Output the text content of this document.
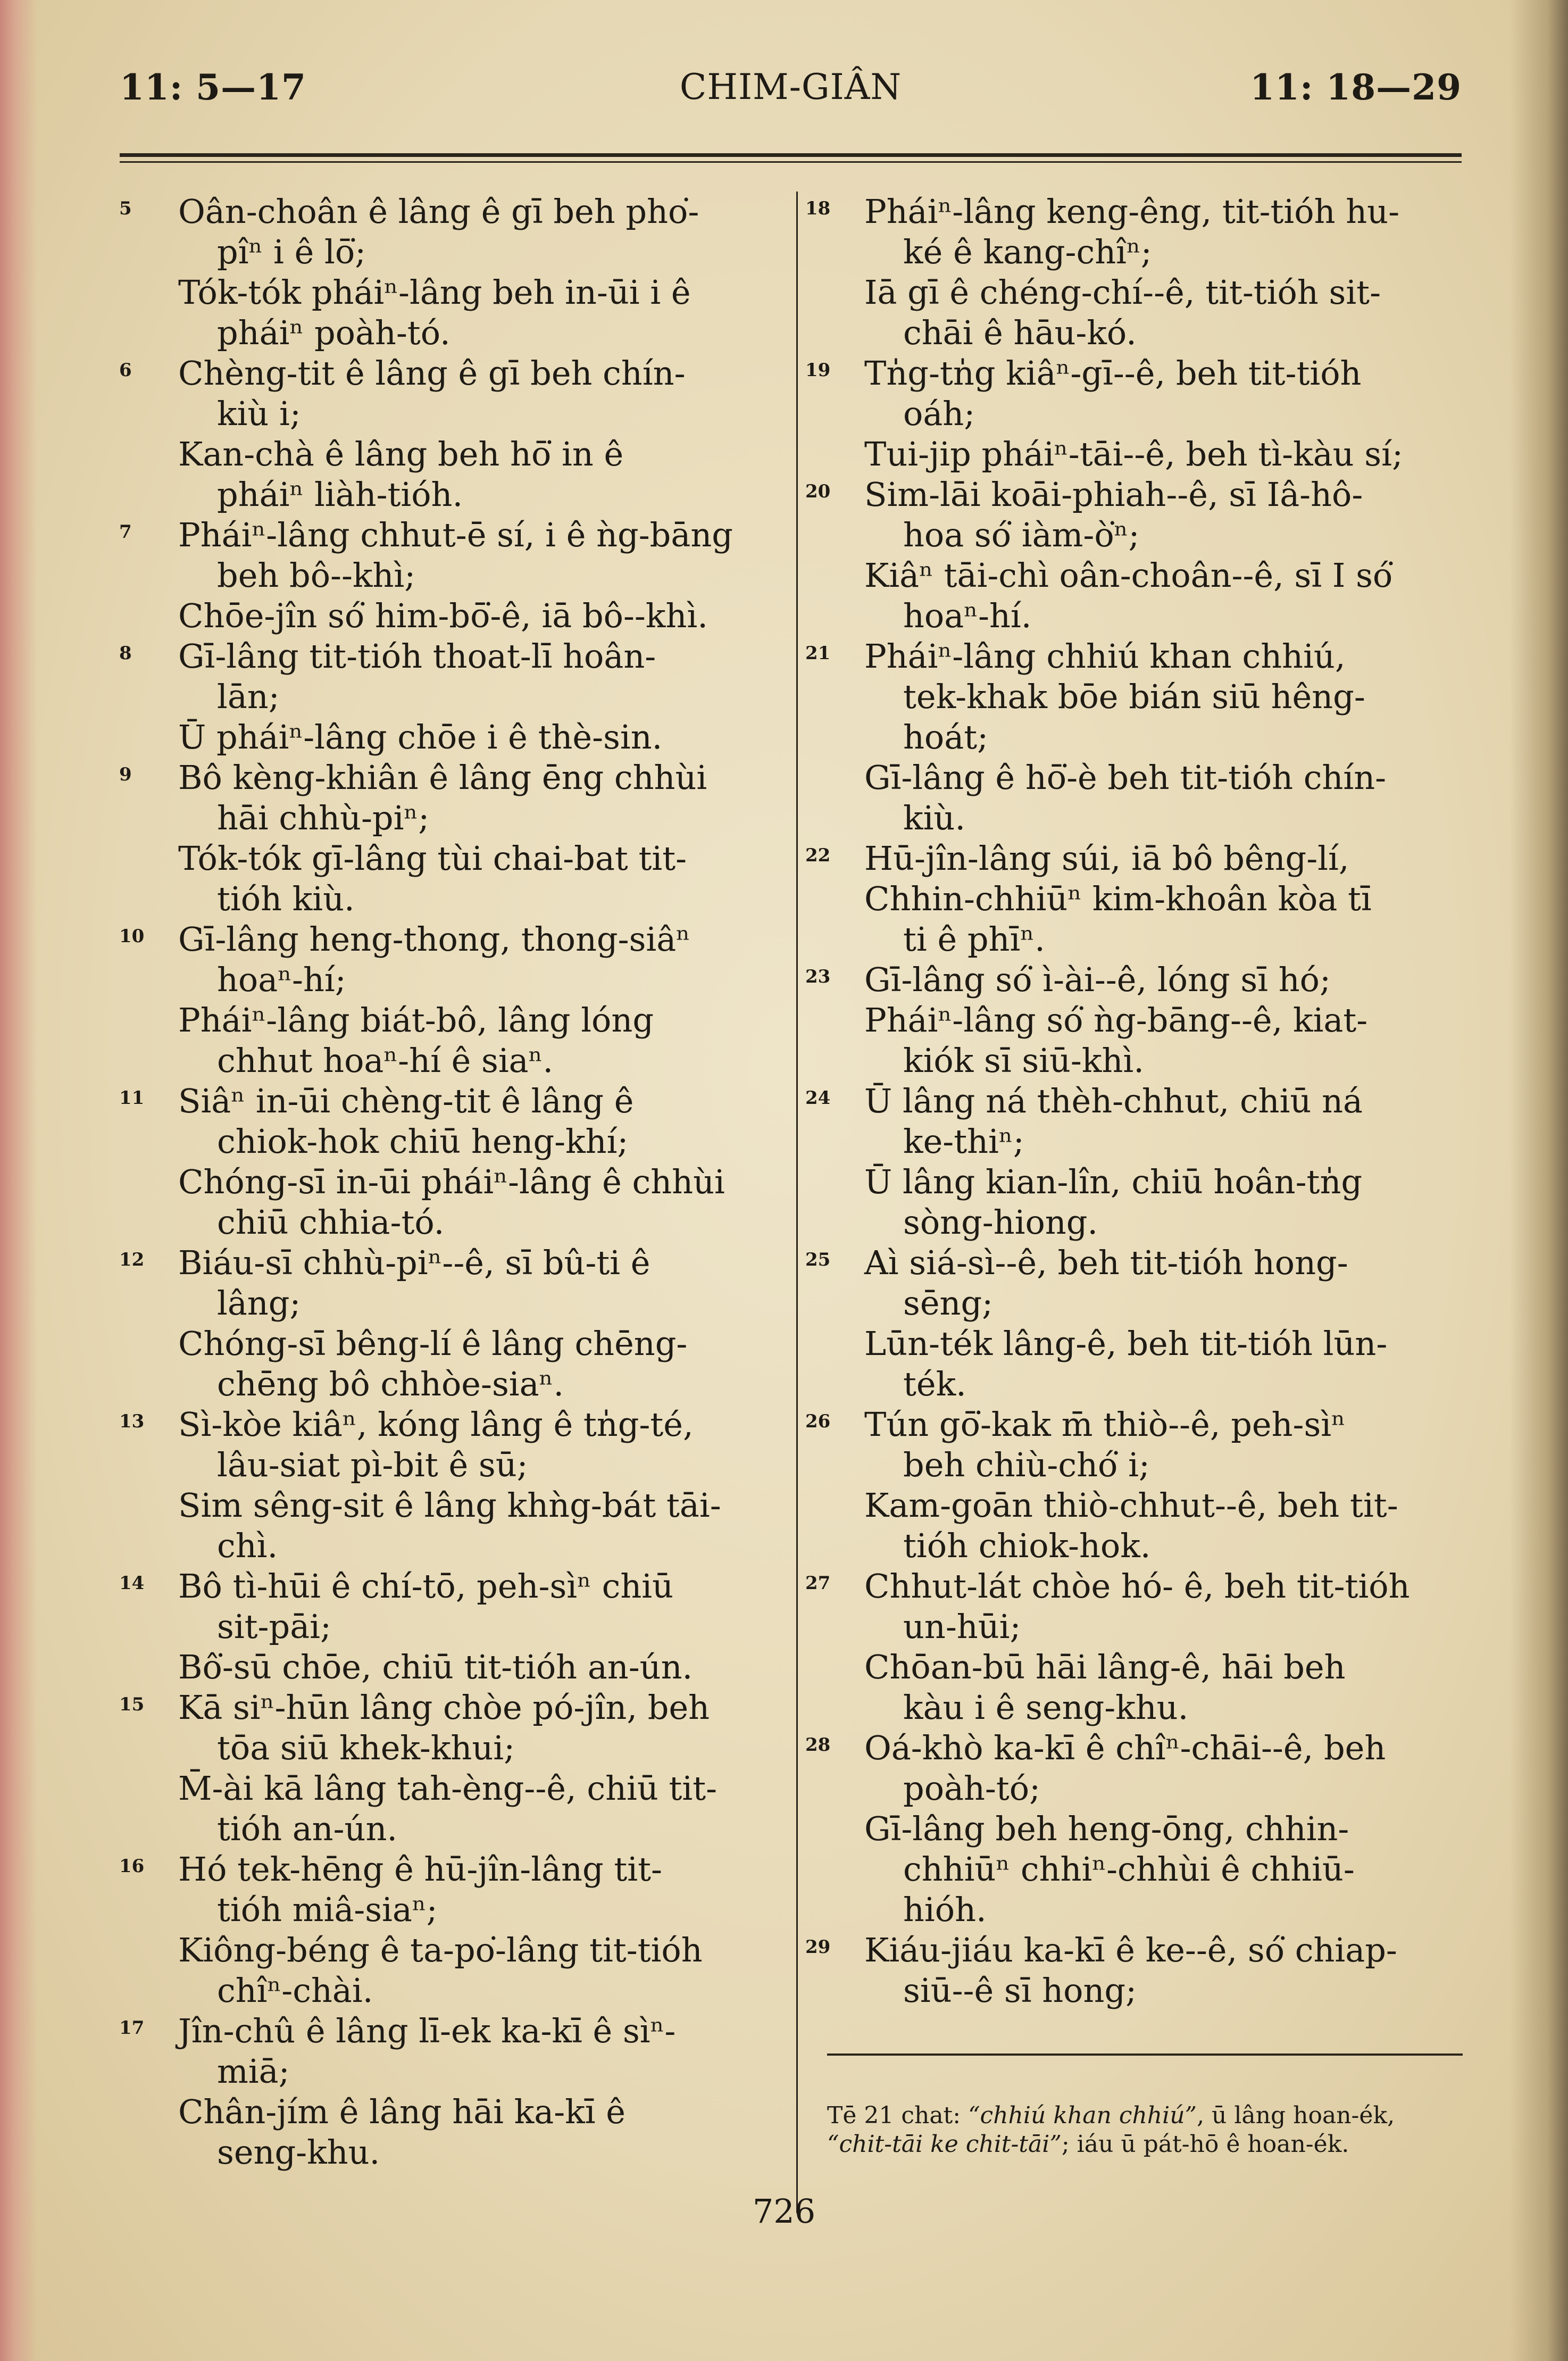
11: 5—17	CHIM-GIÂN	11: 18—29
5	Oân-choân ê lâng ê gī beh pho͘-
pîⁿ i ê lō͘;
Tók-tók pháiⁿ-lâng beh in-ūi i ê
pháiⁿ poàh-tó.
6	Chèng-tit ê lâng ê gī beh chín-
kiù i;
Kan-chà ê lâng beh hō͘ in ê
pháiⁿ liàh-tióh.
7	Pháiⁿ-lâng chhut-ē sí, i ê ǹg-bāng
beh bô--khì;
Chōe-jîn só͘ him-bō͘-ê, iā bô--khì.
8	Gī-lâng tit-tióh thoat-lī hoân-
lān;
Ū pháiⁿ-lâng chōe i ê thè-sin.
9	Bô kèng-khiân ê lâng ēng chhùi
hāi chhù-piⁿ;
Tók-tók gī-lâng tùi chai-bat tit-
tióh kiù.
10	Gī-lâng heng-thong, thong-siâⁿ
hoaⁿ-hí;
Pháiⁿ-lâng biát-bô, lâng lóng
chhut hoaⁿ-hí ê siaⁿ.
11	Siâⁿ in-ūi chèng-tit ê lâng ê
chiok-hok chiū heng-khí;
Chóng-sī in-ūi pháiⁿ-lâng ê chhùi
chiū chhia-tó.
12	Biáu-sī chhù-piⁿ--ê, sī bû-ti ê
lâng;
Chóng-sī bêng-lí ê lâng chēng-
chēng bô chhòe-siaⁿ.
13	Sì-kòe kiâⁿ, kóng lâng ê tn̍g-té,
lâu-siat pì-bit ê sū;
Sim sêng-sit ê lâng khǹg-bát tāi-
chì.
14	Bô tì-hūi ê chí-tō, peh-sìⁿ chiū
sit-pāi;
Bô͘-sū chōe, chiū tit-tióh an-ún.
15	Kā siⁿ-hūn lâng chòe pó-jîn, beh
tōa siū khek-khui;
M̄-ài kā lâng tah-èng--ê, chiū tit-
tióh an-ún.
16	Hó tek-hēng ê hū-jîn-lâng tit-
tióh miâ-siaⁿ;
Kiông-béng ê ta-po͘-lâng tit-tióh
chîⁿ-chài.
17	Jîn-chû ê lâng lī-ek ka-kī ê sìⁿ-
miā;
Chân-jím ê lâng hāi ka-kī ê
seng-khu.
18	Pháiⁿ-lâng keng-êng, tit-tióh hu-
ké ê kang-chîⁿ;
Iā gī ê chéng-chí--ê, tit-tióh sit-
chāi ê hāu-kó.
19	Tn̍g-tn̍g kiâⁿ-gī--ê, beh tit-tióh
oáh;
Tui-jip pháiⁿ-tāi--ê, beh tì-kàu sí;
20	Sim-lāi koāi-phiah--ê, sī Iâ-hô-
hoa só͘ iàm-ò͘ⁿ;
Kiâⁿ tāi-chì oân-choân--ê, sī I só͘
hoaⁿ-hí.
21	Pháiⁿ-lâng chhiú khan chhiú,
tek-khak bōe bián siū hêng-
hoát;
Gī-lâng ê hō͘-è beh tit-tióh chín-
kiù.
22	Hū-jîn-lâng súi, iā bô bêng-lí,
Chhin-chhiūⁿ kim-khoân kòa tī
ti ê phīⁿ.
23	Gī-lâng só͘ ì-ài--ê, lóng sī hó;
Pháiⁿ-lâng só͘ ǹg-bāng--ê, kiat-
kiók sī siū-khì.
24	Ū lâng ná thèh-chhut, chiū ná
ke-thiⁿ;
Ū lâng kian-lîn, chiū hoân-tn̍g
sòng-hiong.
25	Aì siá-sì--ê, beh tit-tióh hong-
sēng;
Lūn-ték lâng-ê, beh tit-tióh lūn-
ték.
26	Tún gō͘-kak m̄ thiò--ê, peh-sìⁿ
beh chiù-chó͘ i;
Kam-goān thiò-chhut--ê, beh tit-
tióh chiok-hok.
27	Chhut-lát chòe hó- ê, beh tit-tióh
un-hūi;
Chōan-bū hāi lâng-ê, hāi beh
kàu i ê seng-khu.
28	Oá-khò ka-kī ê chîⁿ-chāi--ê, beh
poàh-tó;
Gī-lâng beh heng-ōng, chhin-
chhiūⁿ chhiⁿ-chhùi ê chhiū-
hióh.
29	Kiáu-jiáu ka-kī ê ke--ê, só͘ chiap-
siū--ê sī hong;
Tē 21 chat: “chhiú khan chhiú”, ū lâng hoan-ék, “chit-tāi ke chit-tāi”; iáu ū pát-hō ê hoan-ék.
726
